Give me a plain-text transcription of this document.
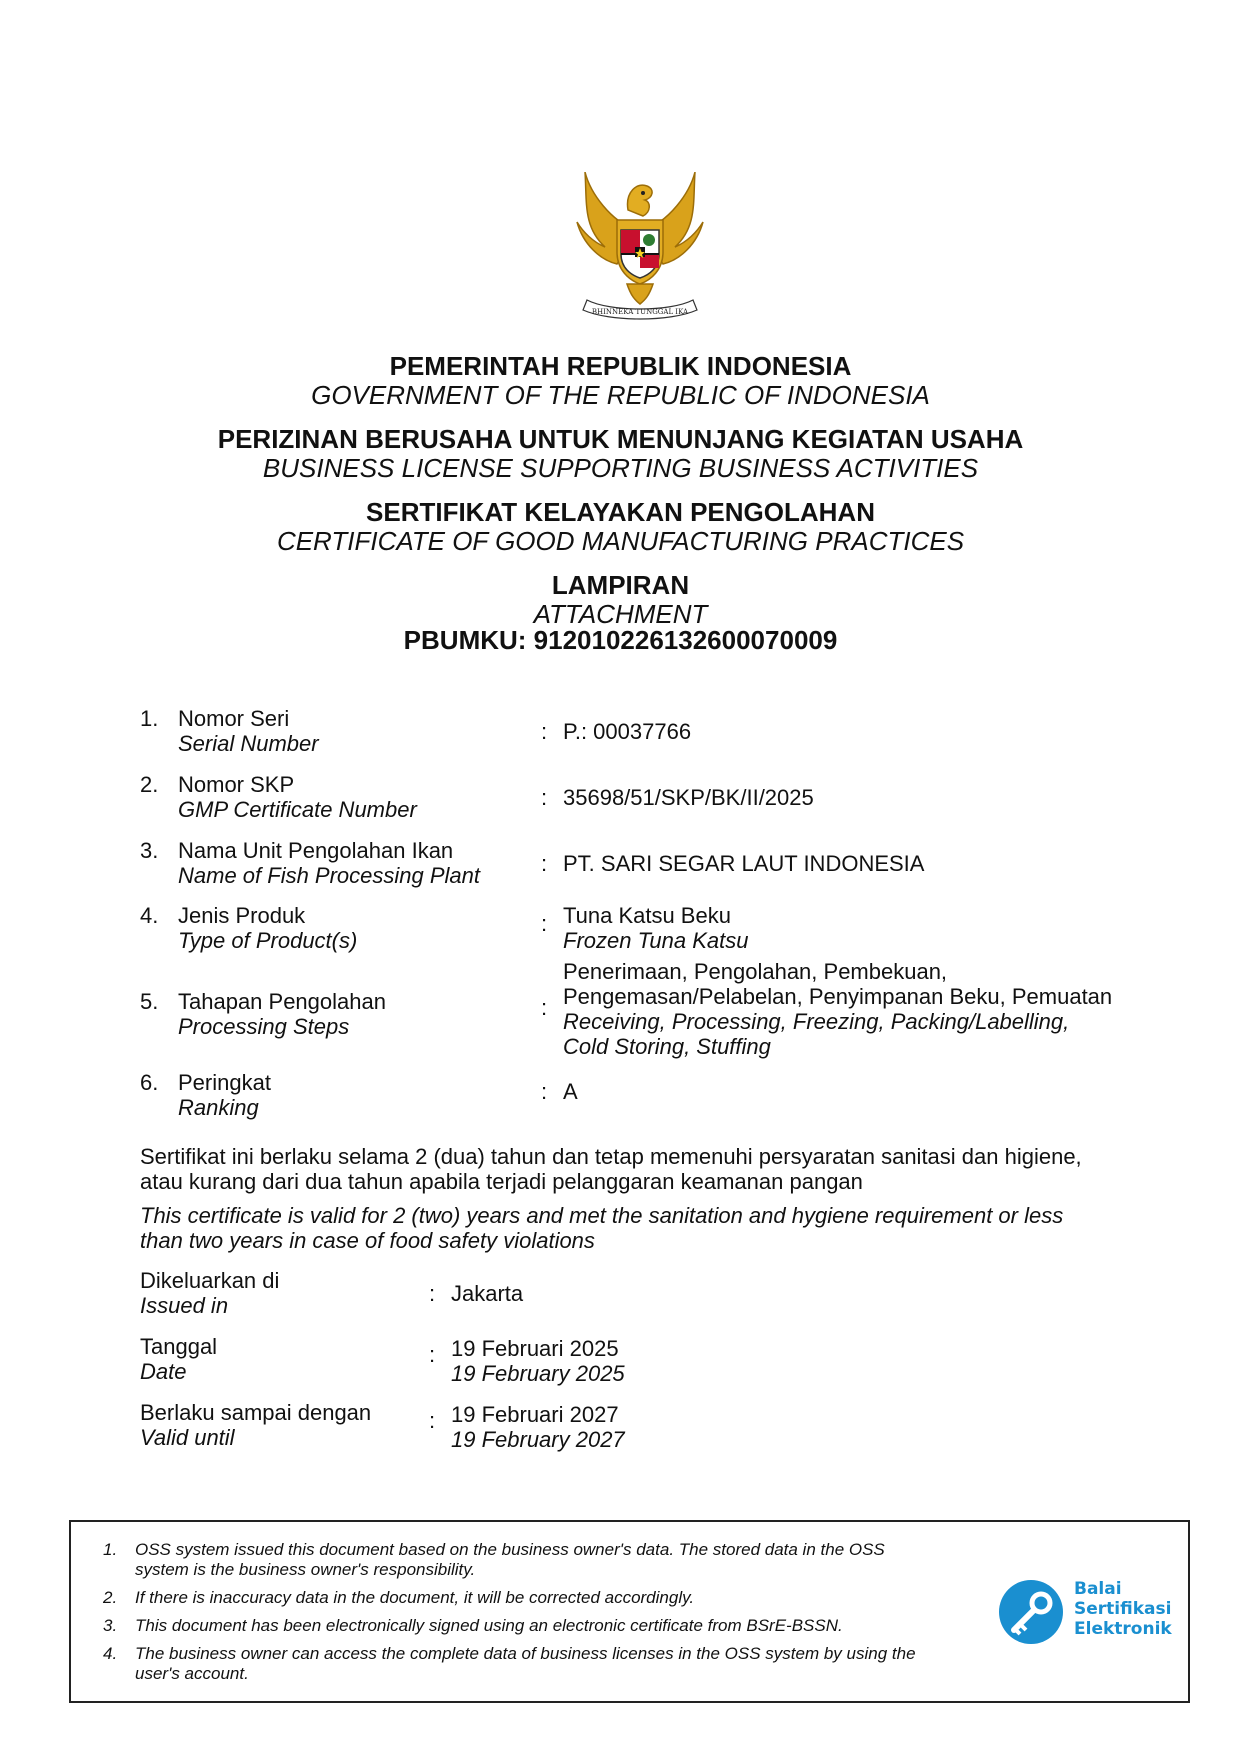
BHINNEKA TUNGGAL IKA
PEMERINTAH REPUBLIK INDONESIA
GOVERNMENT OF THE REPUBLIC OF INDONESIA
PERIZINAN BERUSAHA UNTUK MENUNJANG KEGIATAN USAHA
BUSINESS LICENSE SUPPORTING BUSINESS ACTIVITIES
SERTIFIKAT KELAYAKAN PENGOLAHAN
CERTIFICATE OF GOOD MANUFACTURING PRACTICES
LAMPIRAN
ATTACHMENT
PBUMKU: 912010226132600070009
1. Nomor Seri
Serial Number	: P.: 00037766
2. Nomor SKP
GMP Certificate Number	: 35698/51/SKP/BK/II/2025
3. Nama Unit Pengolahan Ikan
Name of Fish Processing Plant	: PT. SARI SEGAR LAUT INDONESIA
4. Jenis Produk
Type of Product(s)
: Tuna Katsu Beku
Frozen Tuna Katsu
5. Tahapan Pengolahan
Processing Steps
:
Penerimaan, Pengolahan, Pembekuan,
Pengemasan/Pelabelan, Penyimpanan Beku, Pemuatan
Receiving, Processing, Freezing, Packing/Labelling,
Cold Storing, Stuffing
6. Peringkat
Ranking
: A
Sertifikat ini berlaku selama 2 (dua) tahun dan tetap memenuhi persyaratan sanitasi dan higiene,
atau kurang dari dua tahun apabila terjadi pelanggaran keamanan pangan
This certificate is valid for 2 (two) years and met the sanitation and hygiene requirement or less
than two years in case of food safety violations
Dikeluarkan di
Issued in	: Jakarta
Tanggal
Date
: 19 Februari 2025
19 February 2025
Berlaku sampai dengan
Valid until
: 19 Februari 2027
19 February 2027
1. OSS system issued this document based on the business owner's data. The stored data in the OSS
system is the business owner's responsibility.
2. If there is inaccuracy data in the document, it will be corrected accordingly.
3. This document has been electronically signed using an electronic certificate from BSrE-BSSN.
4. The business owner can access the complete data of business licenses in the OSS system by using the
user's account.
Balai
Sertifikasi
Elektronik
